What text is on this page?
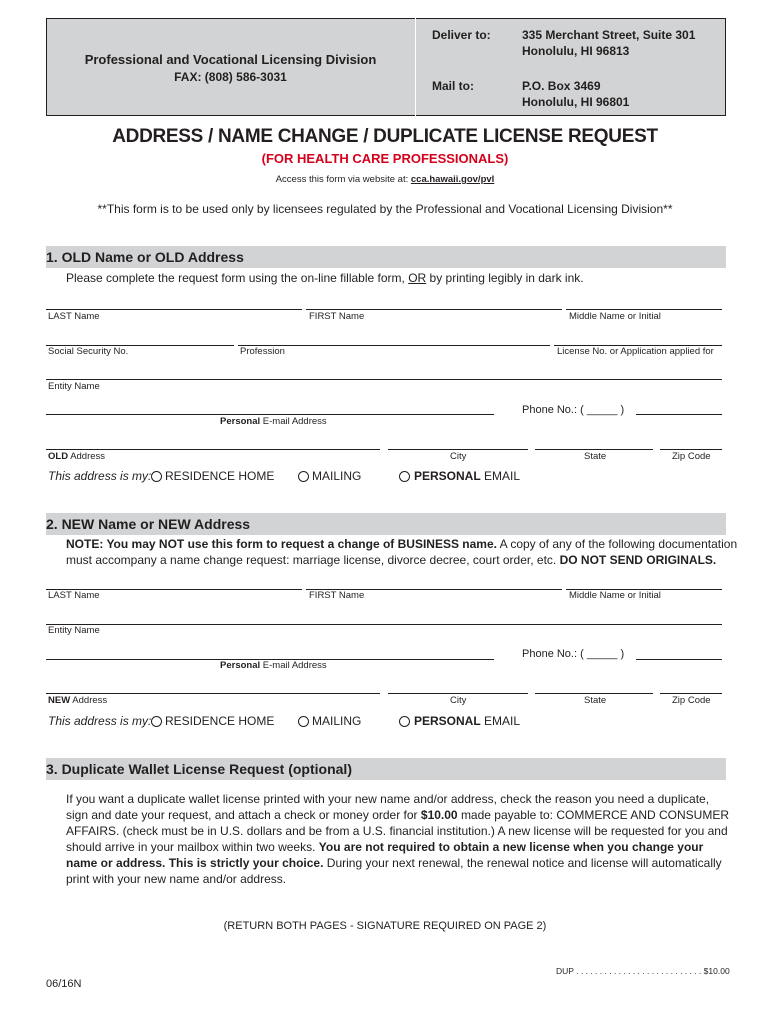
Professional and Vocational Licensing Division
FAX: (808) 586-3031
Deliver to:	335 Merchant Street, Suite 301
Honolulu, HI 96813
Mail to:	P.O. Box 3469
Honolulu, HI 96801
ADDRESS / NAME CHANGE / DUPLICATE LICENSE REQUEST
(FOR HEALTH CARE PROFESSIONALS)
Access this form via website at: cca.hawaii.gov/pvl
**This form is to be used only by licensees regulated by the Professional and Vocational Licensing Division**
1. OLD Name or OLD Address
Please complete the request form using the on-line fillable form, OR by printing legibly in dark ink.
LAST Name	FIRST Name	Middle Name or Initial
Social Security No.	Profession	License No. or Application applied for
Entity Name
Personal E-mail Address
Phone No.: ( _____ )
OLD Address	City	State	Zip Code
This address is my: RESIDENCE HOME	MAILING	PERSONAL EMAIL
2. NEW Name or NEW Address
NOTE: You may NOT use this form to request a change of BUSINESS name. A copy of any of the following documentation
must accompany a name change request: marriage license, divorce decree, court order, etc. DO NOT SEND ORIGINALS.
LAST Name	FIRST Name	Middle Name or Initial
Entity Name
Personal E-mail Address
Phone No.: ( _____ )
NEW Address	City	State	Zip Code
This address is my: RESIDENCE HOME	MAILING	PERSONAL EMAIL
3. Duplicate Wallet License Request (optional)
If you want a duplicate wallet license printed with your new name and/or address, check the reason you need a duplicate,
sign and date your request, and attach a check or money order for $10.00 made payable to: COMMERCE AND CONSUMER
AFFAIRS. (check must be in U.S. dollars and be from a U.S. financial institution.) A new license will be requested for you and
should arrive in your mailbox within two weeks. You are not required to obtain a new license when you change your
name or address. This is strictly your choice. During your next renewal, the renewal notice and license will automatically
print with your new name and/or address.
(RETURN BOTH PAGES - SIGNATURE REQUIRED ON PAGE 2)
DUP . . . . . . . . . . . . . . . . . . . . . . . . . . . $10.00
06/16N
